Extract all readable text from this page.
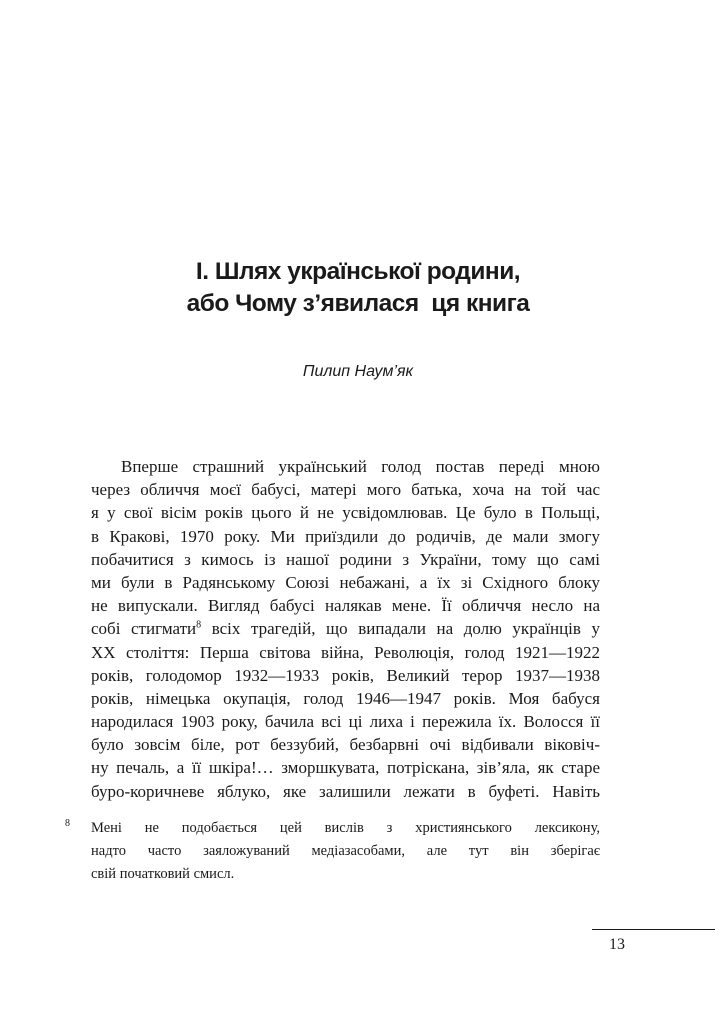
І. Шлях української родини,
або Чому з’явилася  ця книга
Пилип Наум’як
Вперше страшний український голод постав переді мною
через обличчя моєї бабусі, матері мого батька, хоча на той час
я у свої вісім років цього й не усвідомлював. Це було в Польщі,
в Кракові, 1970 року. Ми приїздили до родичів, де мали змогу
побачитися з кимось із нашої родини з України, тому що самі
ми були в Радянському Союзі небажані, а їх зі Східного блоку
не випускали. Вигляд бабусі налякав мене. Її обличчя несло на
собі стигмати$^8$ всіх трагедій, що випадали на долю українців у
ХХ століття: Перша світова війна, Революція, голод 1921—1922
років, голодомор 1932—1933 років, Великий терор 1937—1938
років, німецька окупація, голод 1946—1947 років. Моя бабуся
народилася 1903 року, бачила всі ці лиха і пережила їх. Волосся її
було зовсім біле, рот беззубий, безбарвні очі відбивали віковіч-
ну печаль, а її шкіра!… зморшкувата, потріскана, зів’яла, як старе
буро-коричневе яблуко, яке залишили лежати в буфеті. Навіть
8 Мені не подобається цей вислів з християнського лексикону,
надто часто заяложуваний медіазасобами, але тут він зберігає
свій початковий смисл.
13
